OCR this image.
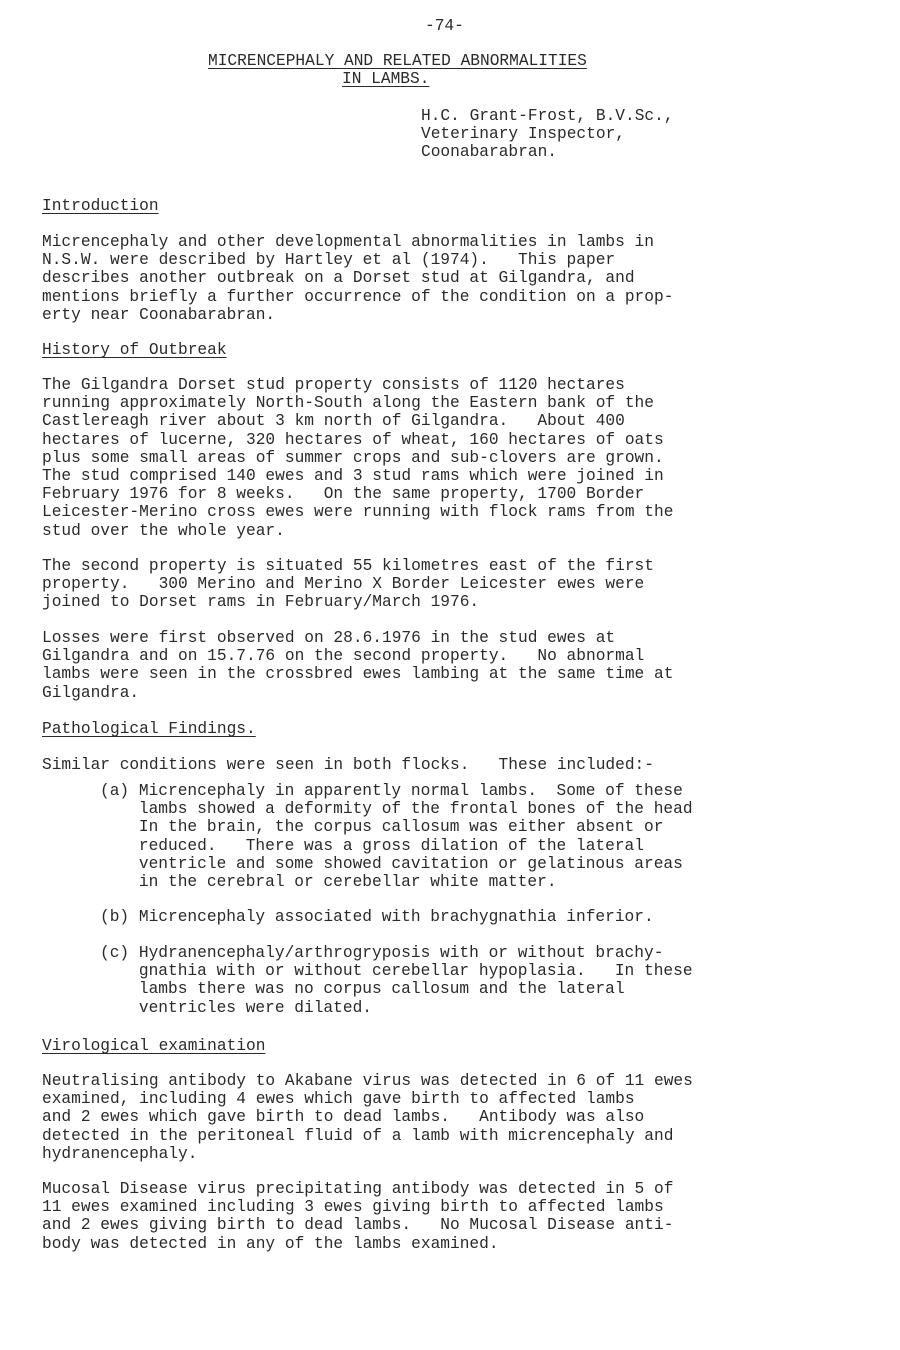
-74-
MICRENCEPHALY AND RELATED ABNORMALITIES
IN LAMBS.
H.C. Grant-Frost, B.V.Sc.,
Veterinary Inspector,
Coonabarabran.
Introduction
Micrencephaly and other developmental abnormalities in lambs in
N.S.W. were described by Hartley et al (1974).   This paper
describes another outbreak on a Dorset stud at Gilgandra, and
mentions briefly a further occurrence of the condition on a prop-
erty near Coonabarabran.
History of Outbreak
The Gilgandra Dorset stud property consists of 1120 hectares
running approximately North-South along the Eastern bank of the
Castlereagh river about 3 km north of Gilgandra.   About 400
hectares of lucerne, 320 hectares of wheat, 160 hectares of oats
plus some small areas of summer crops and sub-clovers are grown.
The stud comprised 140 ewes and 3 stud rams which were joined in
February 1976 for 8 weeks.   On the same property, 1700 Border
Leicester-Merino cross ewes were running with flock rams from the
stud over the whole year.
The second property is situated 55 kilometres east of the first
property.   300 Merino and Merino X Border Leicester ewes were
joined to Dorset rams in February/March 1976.
Losses were first observed on 28.6.1976 in the stud ewes at
Gilgandra and on 15.7.76 on the second property.   No abnormal
lambs were seen in the crossbred ewes lambing at the same time at
Gilgandra.
Pathological Findings.
Similar conditions were seen in both flocks.   These included:-
(a) Micrencephaly in apparently normal lambs.  Some of these
lambs showed a deformity of the frontal bones of the head
In the brain, the corpus callosum was either absent or
reduced.   There was a gross dilation of the lateral
ventricle and some showed cavitation or gelatinous areas
in the cerebral or cerebellar white matter.
(b) Micrencephaly associated with brachygnathia inferior.
(c) Hydranencephaly/arthrogryposis with or without brachy-
gnathia with or without cerebellar hypoplasia.   In these
lambs there was no corpus callosum and the lateral
ventricles were dilated.
Virological examination
Neutralising antibody to Akabane virus was detected in 6 of 11 ewes
examined, including 4 ewes which gave birth to affected lambs
and 2 ewes which gave birth to dead lambs.   Antibody was also
detected in the peritoneal fluid of a lamb with micrencephaly and
hydranencephaly.
Mucosal Disease virus precipitating antibody was detected in 5 of
11 ewes examined including 3 ewes giving birth to affected lambs
and 2 ewes giving birth to dead lambs.   No Mucosal Disease anti-
body was detected in any of the lambs examined.
